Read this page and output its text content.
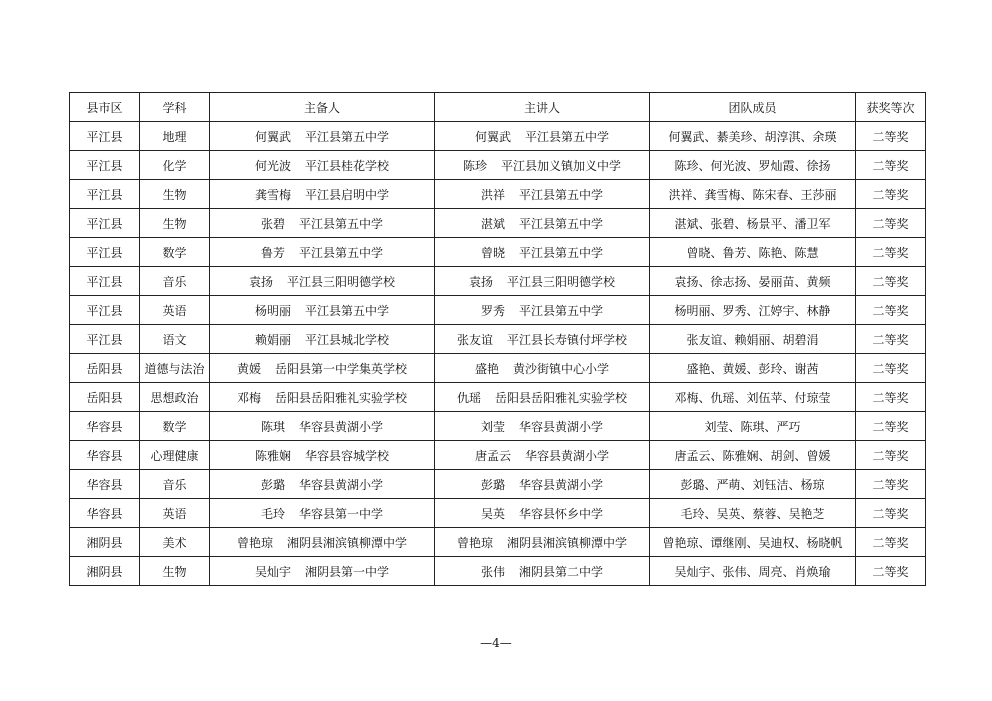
县市区	学科	主备人	主讲人	团队成员	获奖等次
平江县	地理	何翼武 平江县第五中学	何翼武 平江县第五中学	何翼武、綦美珍、胡淳淇、余瑛	二等奖
平江县	化学	何光波 平江县桂花学校	陈珍 平江县加义镇加义中学	陈珍、何光波、罗灿霞、徐扬	二等奖
平江县	生物	龚雪梅 平江县启明中学	洪祥 平江县第五中学	洪祥、龚雪梅、陈宋春、王莎丽	二等奖
平江县	生物	张碧 平江县第五中学	湛斌 平江县第五中学	湛斌、张碧、杨景平、潘卫军	二等奖
平江县	数学	鲁芳 平江县第五中学	曾晓 平江县第五中学	曾晓、鲁芳、陈艳、陈慧	二等奖
平江县	音乐	袁扬 平江县三阳明德学校	袁扬 平江县三阳明德学校	袁扬、徐志扬、晏丽苗、黄频	二等奖
平江县	英语	杨明丽 平江县第五中学	罗秀 平江县第五中学	杨明丽、罗秀、江婷宇、林静	二等奖
平江县	语文	赖娟丽 平江县城北学校	张友谊 平江县长寿镇付坪学校	张友谊、赖娟丽、胡碧涓	二等奖
岳阳县	道德与法治	黄媛 岳阳县第一中学集英学校	盛艳 黄沙街镇中心小学	盛艳、黄媛、彭玲、谢茜	二等奖
岳阳县	思想政治	邓梅 岳阳县岳阳雅礼实验学校	仇瑶 岳阳县岳阳雅礼实验学校	邓梅、仇瑶、刘伍苹、付琼莹	二等奖
华容县	数学	陈琪 华容县黄湖小学	刘莹 华容县黄湖小学	刘莹、陈琪、严巧	二等奖
华容县	心理健康	陈雅娴 华容县容城学校	唐孟云 华容县黄湖小学	唐孟云、陈雅娴、胡剑、曾媛	二等奖
华容县	音乐	彭璐 华容县黄湖小学	彭璐 华容县黄湖小学	彭璐、严萌、刘钰洁、杨琼	二等奖
华容县	英语	毛玲 华容县第一中学	吴英 华容县怀乡中学	毛玲、吴英、蔡蓉、吴艳芝	二等奖
湘阴县	美术	曾艳琼 湘阴县湘滨镇柳潭中学	曾艳琼 湘阴县湘滨镇柳潭中学	曾艳琼、谭继刚、吴迪权、杨晓帆	二等奖
湘阴县	生物	吴灿宇 湘阴县第一中学	张伟 湘阴县第二中学	吴灿宇、张伟、周亮、肖焕瑜	二等奖
—4—
